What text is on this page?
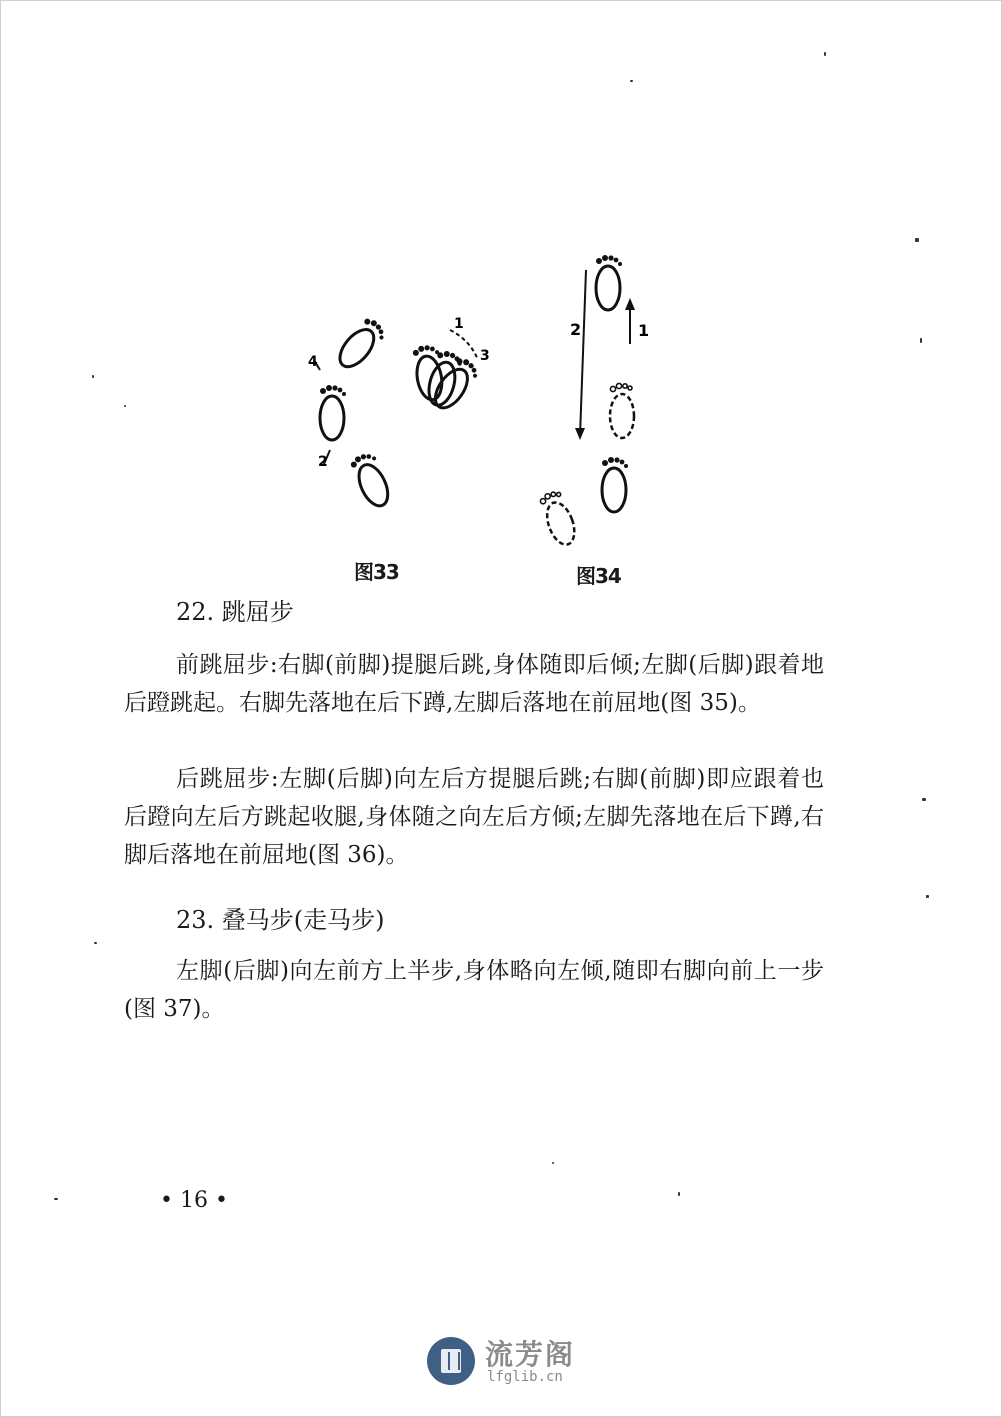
4	3
2
1
图33
2	1
图34
22. 跳屈步

前跳屈步:右脚(前脚)提腿后跳,身体随即后倾;左脚(后脚)跟着地后蹬跳起。右脚先落地在后下蹲,左脚后落地在前屈地(图 35)。

后跳屈步:左脚(后脚)向左后方提腿后跳;右脚(前脚)即应跟着也后蹬向左后方跳起收腿,身体随之向左后方倾;左脚先落地在后下蹲,右脚后落地在前屈地(图 36)。

23. 叠马步(走马步)

左脚(后脚)向左前方上半步,身体略向左倾,随即右脚向前上一步(图 37)。

• 16 •
流芳阁
lfglib.cn
